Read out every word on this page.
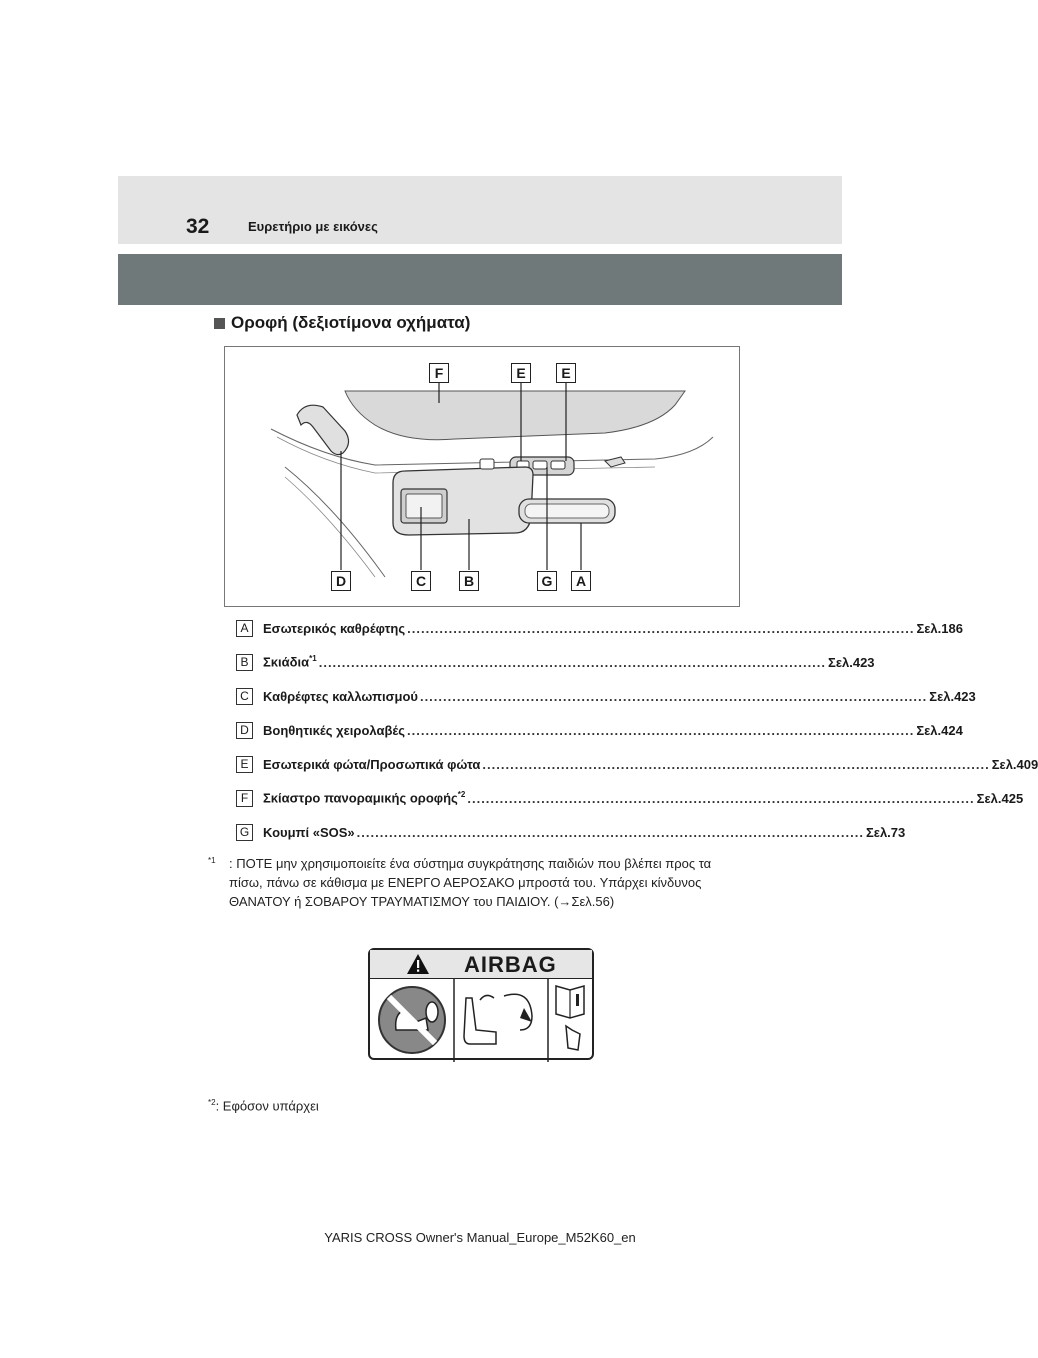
32	Ευρετήριο με εικόνες
Οροφή (δεξιοτίμονα οχήματα)
F	E	E
D	C	B	G	A
A	Εσωτερικός καθρέφτης .............................................................................................................. Σελ.186
B	Σκιάδια$^{*1}$ .............................................................................................................. Σελ.423
C	Καθρέφτες καλλωπισμού .............................................................................................................. Σελ.423
D	Βοηθητικές χειρολαβές .............................................................................................................. Σελ.424
E	Εσωτερικά φώτα/Προσωπικά φώτα .............................................................................................................. Σελ.409
F	Σκίαστρο πανοραμικής οροφής$^{*2}$ .............................................................................................................. Σελ.425
G Κουμπί «SOS» .............................................................................................................. Σελ.73
$^{*1}$ : ΠΟΤΕ μην χρησιμοποιείτε ένα σύστημα συγκράτησης παιδιών που βλέπει προς τα πίσω, πάνω σε κάθισμα με ΕΝΕΡΓΟ ΑΕΡΟΣΑΚΟ μπροστά του. Υπάρχει κίνδυνος ΘΑΝΑΤΟΥ ή ΣΟΒΑΡΟΥ ΤΡΑΥΜΑΤΙΣΜΟΥ του ΠΑΙΔΙΟΥ. (→Σελ.56)
AIRBAG
$^{*2}$: Εφόσον υπάρχει
YARIS CROSS Owner's Manual_Europe_M52K60_en
